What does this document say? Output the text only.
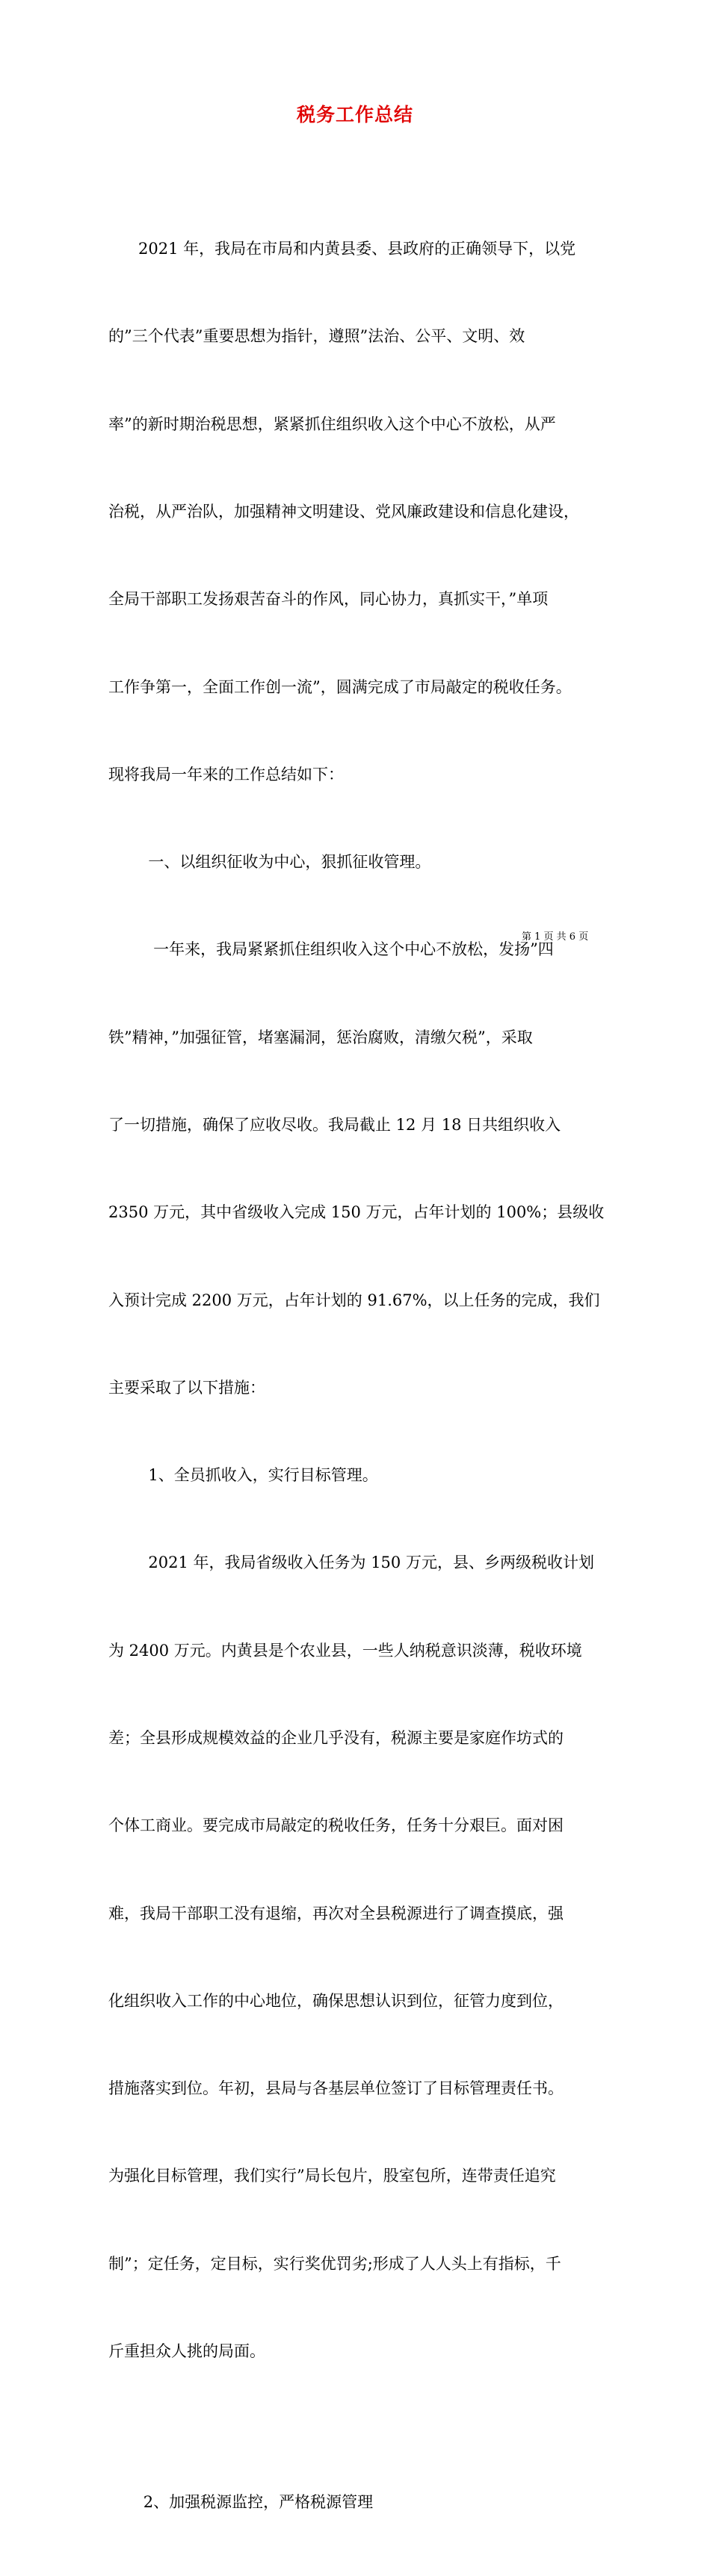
税务工作总结

2021 年，我局在市局和内黄县委、县政府的正确领导下，以党

的”三个代表”重要思想为指针，遵照”法治、公平、文明、效

率”的新时期治税思想，紧紧抓住组织收入这个中心不放松，从严

治税，从严治队，加强精神文明建设、党风廉政建设和信息化建设，

全局干部职工发扬艰苦奋斗的作风，同心协力，真抓实干，”单项

工作争第一，全面工作创一流”，圆满完成了市局敲定的税收任务。

现将我局一年来的工作总结如下：

一、以组织征收为中心，狠抓征收管理。

一年来，我局紧紧抓住组织收入这个中心不放松，发扬”四

铁”精神，”加强征管，堵塞漏洞，惩治腐败，清缴欠税”，采取

了一切措施，确保了应收尽收。我局截止 12 月 18 日共组织收入

2350 万元，其中省级收入完成 150 万元，占年计划的 100%；县级收

入预计完成 2200 万元，占年计划的 91.67%，以上任务的完成，我们

主要采取了以下措施：

1、全员抓收入，实行目标管理。

2021 年，我局省级收入任务为 150 万元，县、乡两级税收计划

为 2400 万元。内黄县是个农业县，一些人纳税意识淡薄，税收环境

差；全县形成规模效益的企业几乎没有，税源主要是家庭作坊式的

个体工商业。要完成市局敲定的税收任务，任务十分艰巨。面对困

难，我局干部职工没有退缩，再次对全县税源进行了调查摸底，强

化组织收入工作的中心地位，确保思想认识到位，征管力度到位，

措施落实到位。年初，县局与各基层单位签订了目标管理责任书。

为强化目标管理，我们实行”局长包片，股室包所，连带责任追究

制”；定任务，定目标，实行奖优罚劣;形成了人人头上有指标，千

斤重担众人挑的局面。

2、加强税源监控，严格税源管理

第 1 页 共 6 页
